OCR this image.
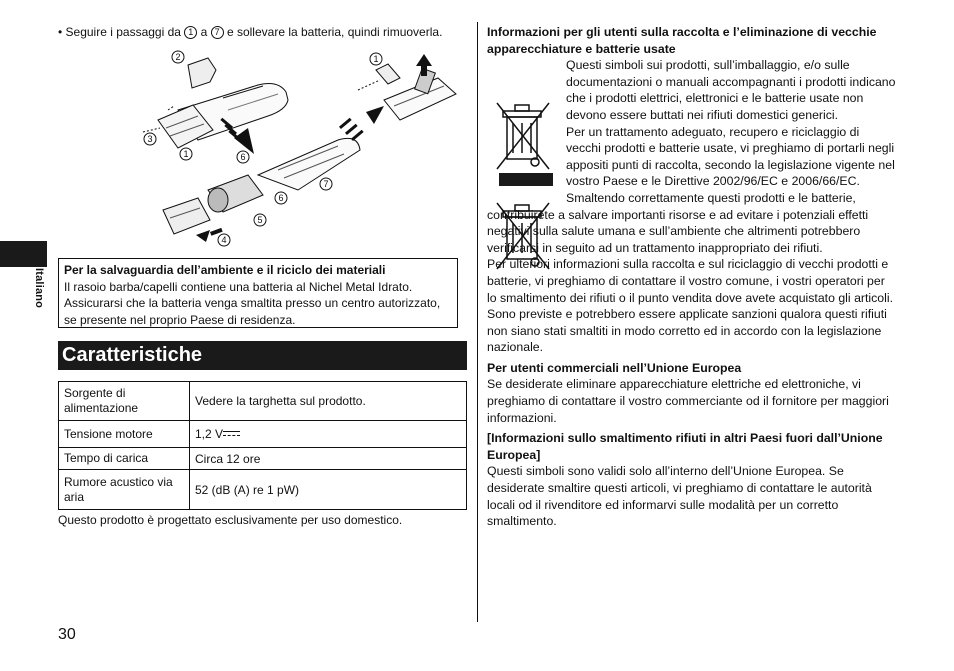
Italiano
• Seguire i passaggi da 1 a 7 e sollevare la batteria, quindi rimuoverla.
2
3
1	6
7
6
5
4
1
Per la salvaguardia dell’ambiente e il riciclo dei materiali
Il rasoio barba/capelli contiene una batteria al Nichel Metal Idrato. Assicurarsi che la batteria venga smaltita presso un centro autorizzato, se presente nel proprio Paese di residenza.
Caratteristiche
Sorgente di alimentazione	Vedere la targhetta sul prodotto.
Tensione motore	1,2 V
Tempo di carica	Circa 12 ore
Rumore acustico via aria	52 (dB (A) re 1 pW)
Questo prodotto è progettato esclusivamente per uso domestico.
30
Informazioni per gli utenti sulla raccolta e l’eliminazione di vecchie apparecchiature e batterie usate
Questi simboli sui prodotti, sull’imballaggio, e/o sulle documentazioni o manuali accompagnanti i prodotti indicano che i prodotti elettrici, elettronici e le batterie usate non devono essere buttati nei rifiuti domestici generici.
Per un trattamento adeguato, recupero e riciclaggio di vecchi prodotti e batterie usate, vi preghiamo di portarli negli appositi punti di raccolta, secondo la legislazione vigente nel vostro Paese e le Direttive 2002/96/EC e 2006/66/EC.
Smaltendo correttamente questi prodotti e le batterie,
contribuirete a salvare importanti risorse e ad evitare i potenziali effetti negativi sulla salute umana e sull’ambiente che altrimenti potrebbero verificarsi in seguito ad un trattamento inappropriato dei rifiuti.
Per ulteriori informazioni sulla raccolta e sul riciclaggio di vecchi prodotti e batterie, vi preghiamo di contattare il vostro comune, i vostri operatori per lo smaltimento dei rifiuti o il punto vendita dove avete acquistato gli articoli.
Sono previste e potrebbero essere applicate sanzioni qualora questi rifiuti non siano stati smaltiti in modo corretto ed in accordo con la legislazione nazionale.
Per utenti commerciali nell’Unione Europea
Se desiderate eliminare apparecchiature elettriche ed elettroniche, vi preghiamo di contattare il vostro commerciante od il fornitore per maggiori informazioni.
[Informazioni sullo smaltimento rifiuti in altri Paesi fuori dall’Unione Europea]
Questi simboli sono validi solo all’interno dell’Unione Europea. Se desiderate smaltire questi articoli, vi preghiamo di contattare le autorità locali od il rivenditore ed informarvi sulle modalità per un corretto smaltimento.
